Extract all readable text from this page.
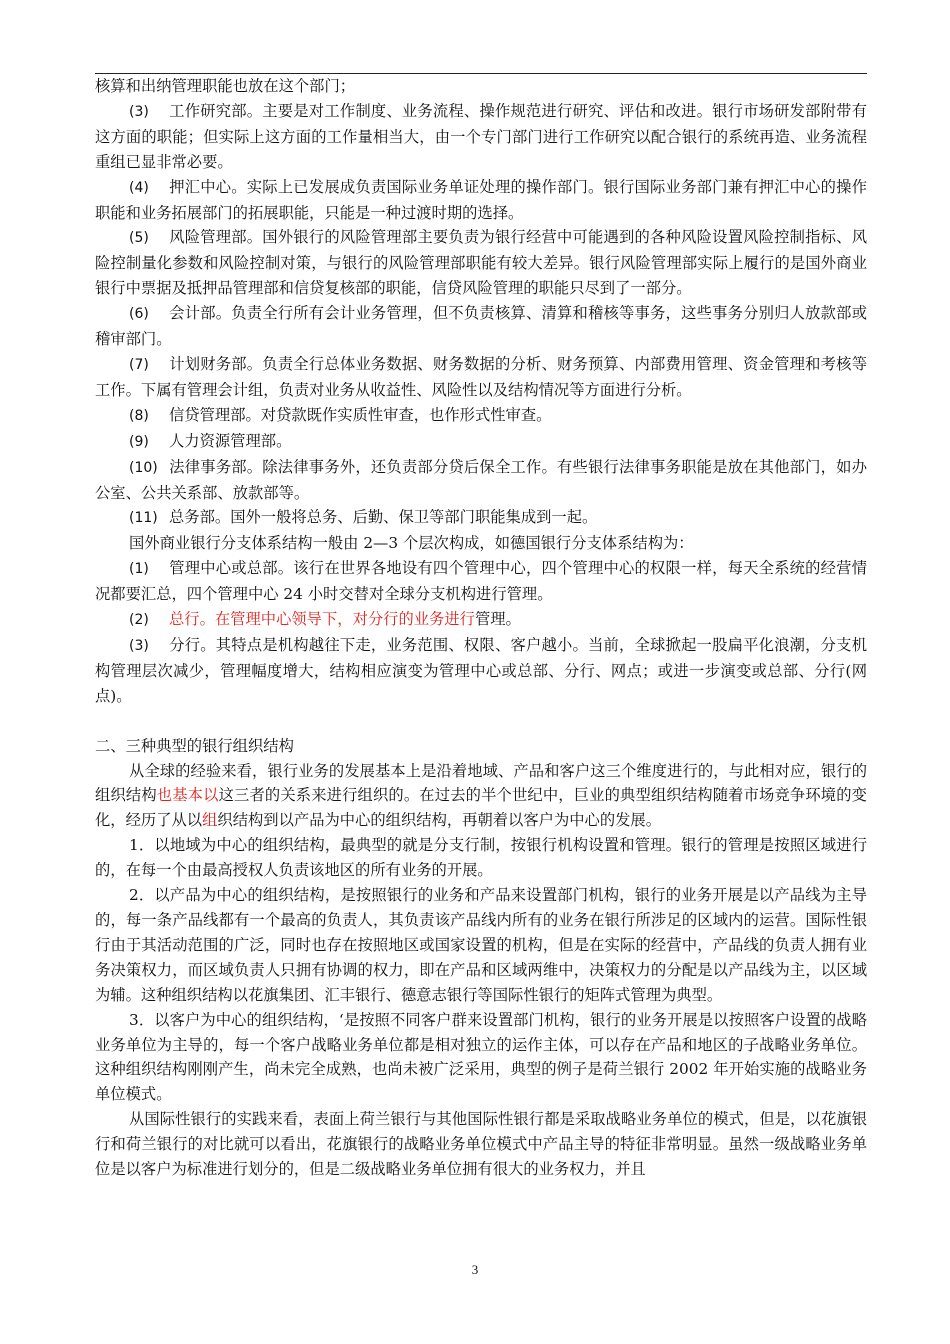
核算和出纳管理职能也放在这个部门；

(3) 工作研究部。主要是对工作制度、业务流程、操作规范进行研究、评估和改进。银行市场研发部附带有这方面的职能；但实际上这方面的工作量相当大，由一个专门部门进行工作研究以配合银行的系统再造、业务流程重组已显非常必要。

(4) 押汇中心。实际上已发展成负责国际业务单证处理的操作部门。银行国际业务部门兼有押汇中心的操作职能和业务拓展部门的拓展职能，只能是一种过渡时期的选择。

(5) 风险管理部。国外银行的风险管理部主要负责为银行经营中可能遇到的各种风险设置风险控制指标、风险控制量化参数和风险控制对策，与银行的风险管理部职能有较大差异。银行风险管理部实际上履行的是国外商业银行中票据及抵押品管理部和信贷复核部的职能，信贷风险管理的职能只尽到了一部分。

(6) 会计部。负责全行所有会计业务管理，但不负责核算、清算和稽核等事务，这些事务分别归人放款部或稽审部门。

(7) 计划财务部。负责全行总体业务数据、财务数据的分析、财务预算、内部费用管理、资金管理和考核等工作。下属有管理会计组，负责对业务从收益性、风险性以及结构情况等方面进行分析。

(8) 信贷管理部。对贷款既作实质性审查，也作形式性审查。

(9) 人力资源管理部。

(10) 法律事务部。除法律事务外，还负责部分贷后保全工作。有些银行法律事务职能是放在其他部门，如办公室、公共关系部、放款部等。

(11) 总务部。国外一般将总务、后勤、保卫等部门职能集成到一起。

国外商业银行分支体系结构一般由 2—3 个层次构成，如德国银行分支体系结构为：

(1) 管理中心或总部。该行在世界各地设有四个管理中心，四个管理中心的权限一样，每天全系统的经营情况都要汇总，四个管理中心 24 小时交替对全球分支机构进行管理。

(2) 总行。在管理中心领导下，对分行的业务进行管理。

(3) 分行。其特点是机构越往下走，业务范围、权限、客户越小。当前，全球掀起一股扁平化浪潮，分支机构管理层次减少，管理幅度增大，结构相应演变为管理中心或总部、分行、网点；或进一步演变或总部、分行(网点)。

二、三种典型的银行组织结构

从全球的经验来看，银行业务的发展基本上是沿着地域、产品和客户这三个维度进行的，与此相对应，银行的组织结构也基本以这三者的关系来进行组织的。在过去的半个世纪中，巨业的典型组织结构随着市场竞争环境的变化，经历了从以组织结构到以产品为中心的组织结构，再朝着以客户为中心的发展。

1．以地域为中心的组织结构，最典型的就是分支行制，按银行机构设置和管理。银行的管理是按照区域进行的，在每一个由最高授权人负责该地区的所有业务的开展。

2．以产品为中心的组织结构，是按照银行的业务和产品来设置部门机构，银行的业务开展是以产品线为主导的，每一条产品线都有一个最高的负责人，其负责该产品线内所有的业务在银行所涉足的区域内的运营。国际性银行由于其活动范围的广泛，同时也存在按照地区或国家设置的机构，但是在实际的经营中，产品线的负责人拥有业务决策权力，而区域负责人只拥有协调的权力，即在产品和区域两维中，决策权力的分配是以产品线为主，以区域为辅。这种组织结构以花旗集团、汇丰银行、德意志银行等国际性银行的矩阵式管理为典型。

3．以客户为中心的组织结构，‘是按照不同客户群来设置部门机构，银行的业务开展是以按照客户设置的战略业务单位为主导的，每一个客户战略业务单位都是相对独立的运作主体，可以存在产品和地区的子战略业务单位。这种组织结构刚刚产生，尚未完全成熟，也尚未被广泛采用，典型的例子是荷兰银行 2002 年开始实施的战略业务单位模式。

从国际性银行的实践来看，表面上荷兰银行与其他国际性银行都是采取战略业务单位的模式，但是，以花旗银行和荷兰银行的对比就可以看出，花旗银行的战略业务单位模式中产品主导的特征非常明显。虽然一级战略业务单位是以客户为标准进行划分的，但是二级战略业务单位拥有很大的业务权力，并且

3
